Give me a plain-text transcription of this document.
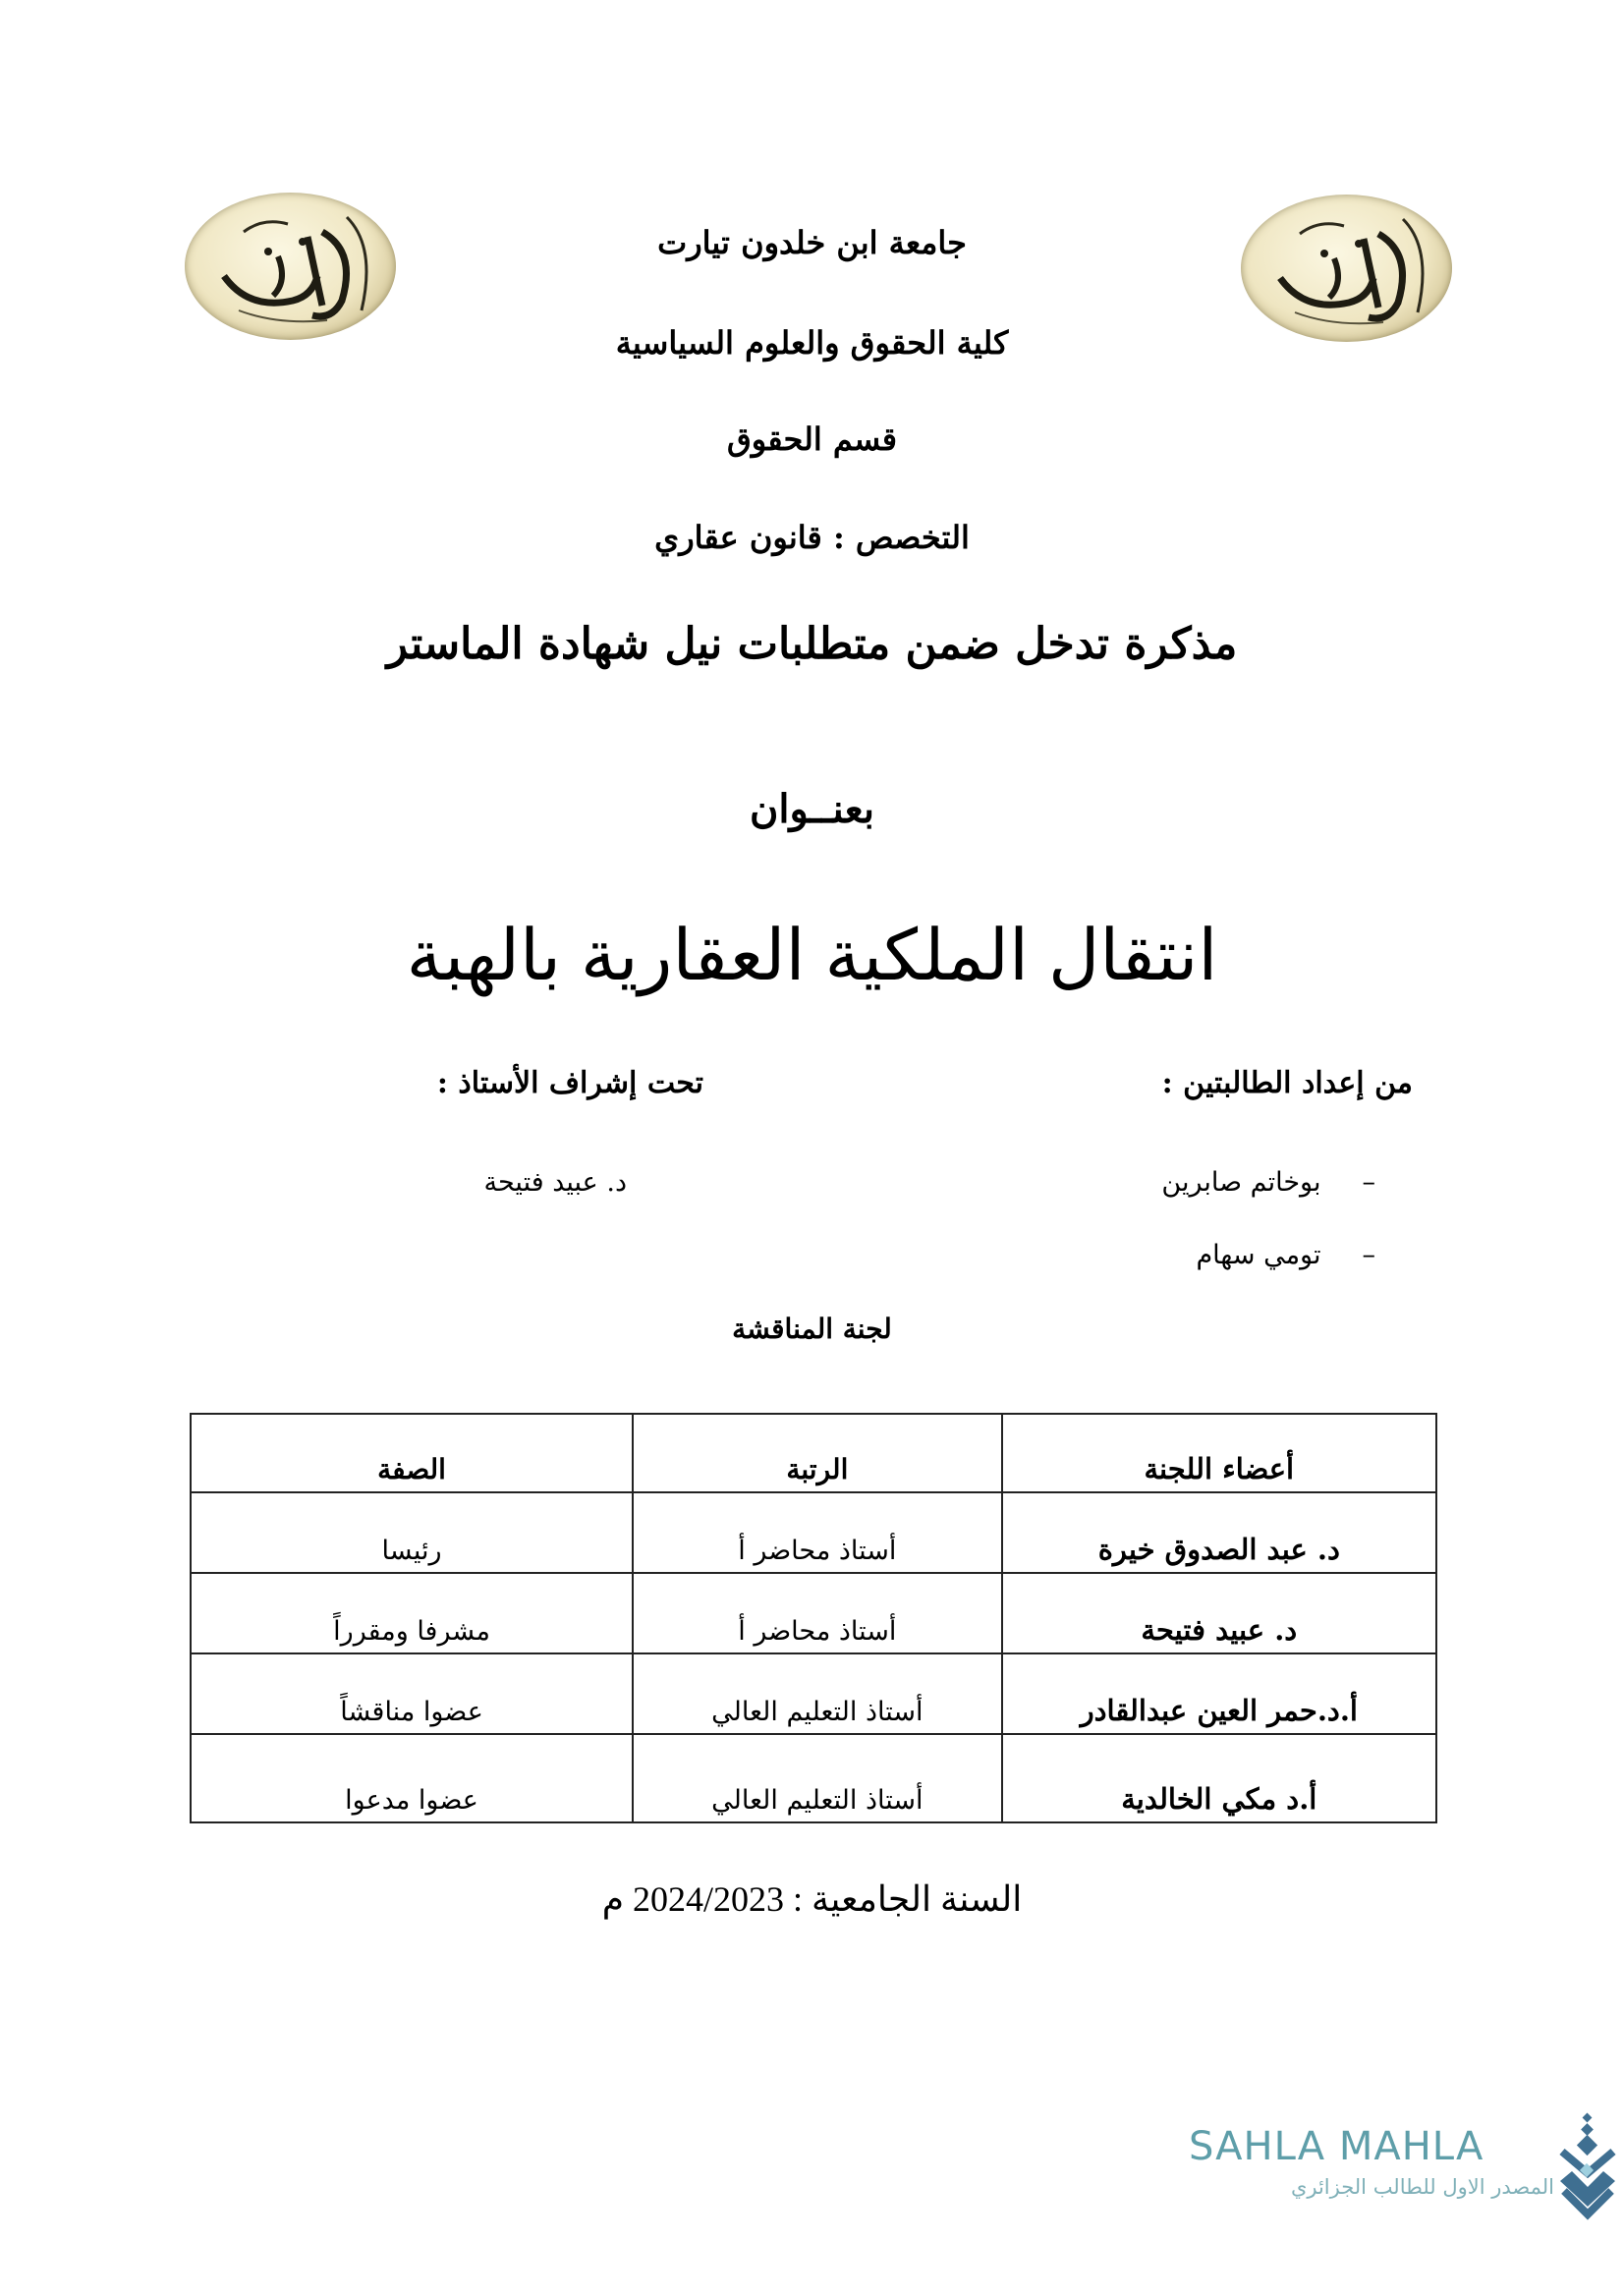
جامعة ابن خلدون تيارت
كلية الحقوق والعلوم السياسية
قسم الحقوق
التخصص : قانون عقاري
مذكرة تدخل ضمن متطلبات نيل شهادة الماستر
بعنــوان
انتقال الملكية العقارية بالهبة
من إعداد الطالبتين :
تحت إشراف الأستاذ :
–
بوخاتم صابرين
–
تومي سهام
د. عبيد فتيحة
لجنة المناقشة
أعضاء اللجنة	الرتبة	الصفة
د. عبد الصدوق خيرة	أستاذ محاضر أ	رئيسا
د. عبيد فتيحة	أستاذ محاضر أ	مشرفا ومقرراً
أ.د.حمر العين عبدالقادر	أستاذ التعليم العالي	عضوا مناقشاً
أ.د مكي الخالدية	أستاذ التعليم العالي	عضوا مدعوا
السنة الجامعية : 2024/2023 م
SAHLA MAHLA
المصدر الاول للطالب الجزائري
